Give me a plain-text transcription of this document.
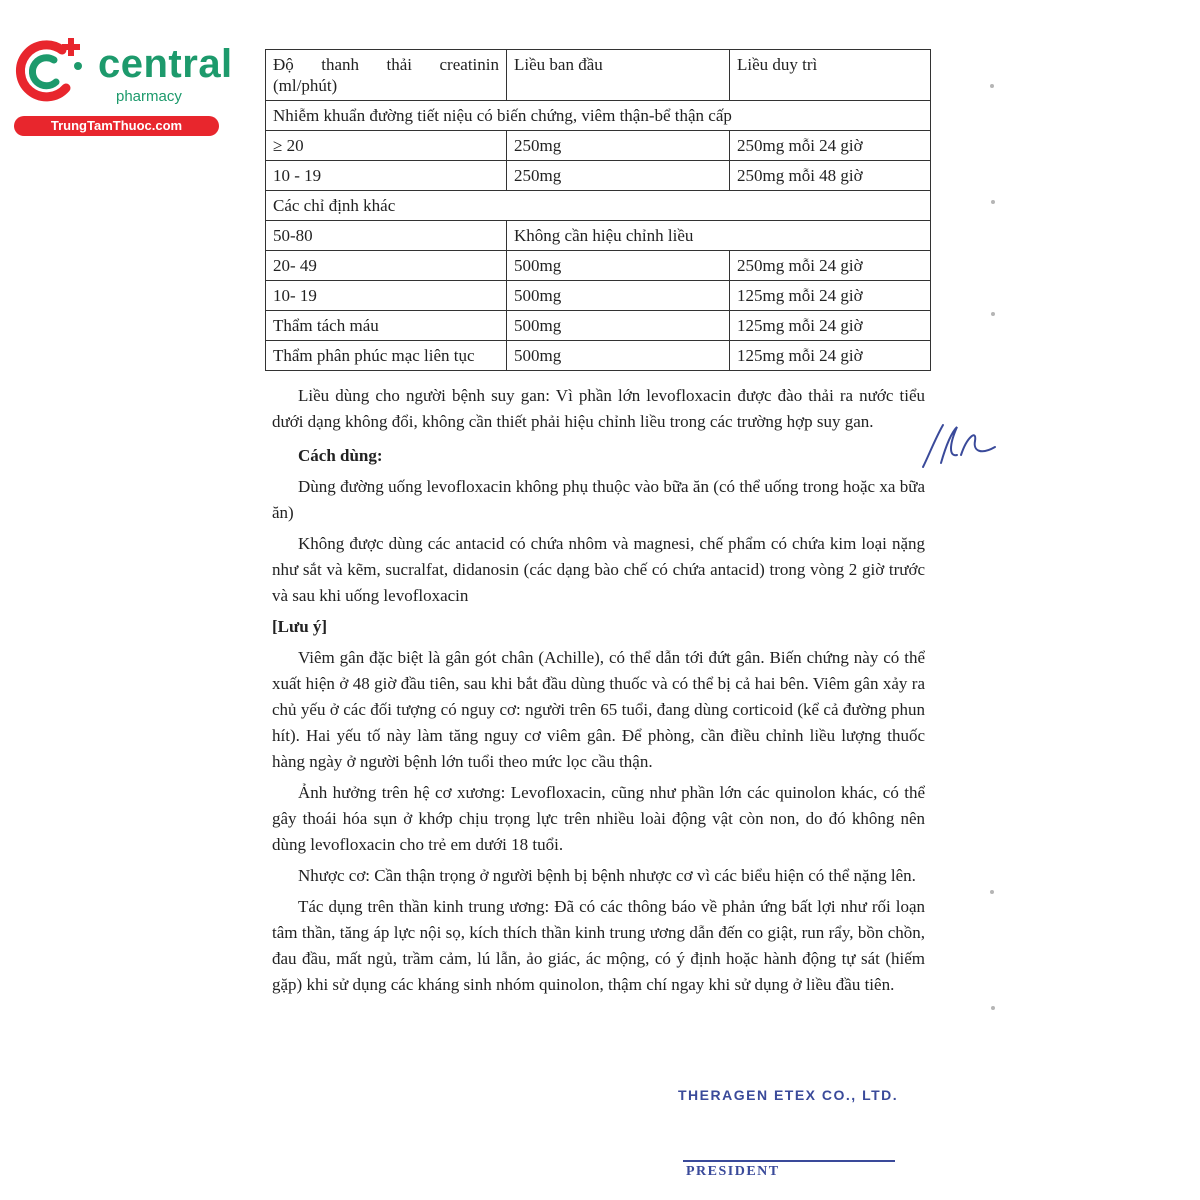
central
pharmacy
TrungTamThuoc.com
Độ thanh thải creatinin
(ml/phút)	Liều ban đầu	Liều duy trì
Nhiễm khuẩn đường tiết niệu có biến chứng, viêm thận-bể thận cấp		
≥ 20	250mg	250mg mỗi 24 giờ
10 - 19	250mg	250mg mỗi 48 giờ
Các chỉ định khác		
50-80	Không cần hiệu chỉnh liều	
20- 49	500mg	250mg mỗi 24 giờ
10- 19	500mg	125mg mỗi 24 giờ
Thẩm tách máu	500mg	125mg mỗi 24 giờ
Thẩm phân phúc mạc liên tục	500mg	125mg mỗi 24 giờ

Liều dùng cho người bệnh suy gan: Vì phần lớn levofloxacin được đào thải ra nước tiểu dưới dạng không đổi, không cần thiết phải hiệu chỉnh liều trong các trường hợp suy gan.

Cách dùng:

Dùng đường uống levofloxacin không phụ thuộc vào bữa ăn (có thể uống trong hoặc xa bữa ăn)

Không được dùng các antacid có chứa nhôm và magnesi, chế phẩm có chứa kim loại nặng như sắt và kẽm, sucralfat, didanosin (các dạng bào chế có chứa antacid) trong vòng 2 giờ trước và sau khi uống levofloxacin

[Lưu ý]

Viêm gân đặc biệt là gân gót chân (Achille), có thể dẫn tới đứt gân. Biến chứng này có thể xuất hiện ở 48 giờ đầu tiên, sau khi bắt đầu dùng thuốc và có thể bị cả hai bên. Viêm gân xảy ra chủ yếu ở các đối tượng có nguy cơ: người trên 65 tuổi, đang dùng corticoid (kể cả đường phun hít). Hai yếu tố này làm tăng nguy cơ viêm gân. Để phòng, cần điều chỉnh liều lượng thuốc hàng ngày ở người bệnh lớn tuổi theo mức lọc cầu thận.

Ảnh hưởng trên hệ cơ xương: Levofloxacin, cũng như phần lớn các quinolon khác, có thể gây thoái hóa sụn ở khớp chịu trọng lực trên nhiều loài động vật còn non, do đó không nên dùng levofloxacin cho trẻ em dưới 18 tuổi.

Nhược cơ: Cần thận trọng ở người bệnh bị bệnh nhược cơ vì các biểu hiện có thể nặng lên.

Tác dụng trên thần kinh trung ương: Đã có các thông báo về phản ứng bất lợi như rối loạn tâm thần, tăng áp lực nội sọ, kích thích thần kinh trung ương dẫn đến co giật, run rẩy, bồn chồn, đau đầu, mất ngủ, trầm cảm, lú lẫn, ảo giác, ác mộng, có ý định hoặc hành động tự sát (hiếm gặp) khi sử dụng các kháng sinh nhóm quinolon, thậm chí ngay khi sử dụng ở liều đầu tiên.

THERAGEN ETEX CO., LTD.
PRESIDENT
